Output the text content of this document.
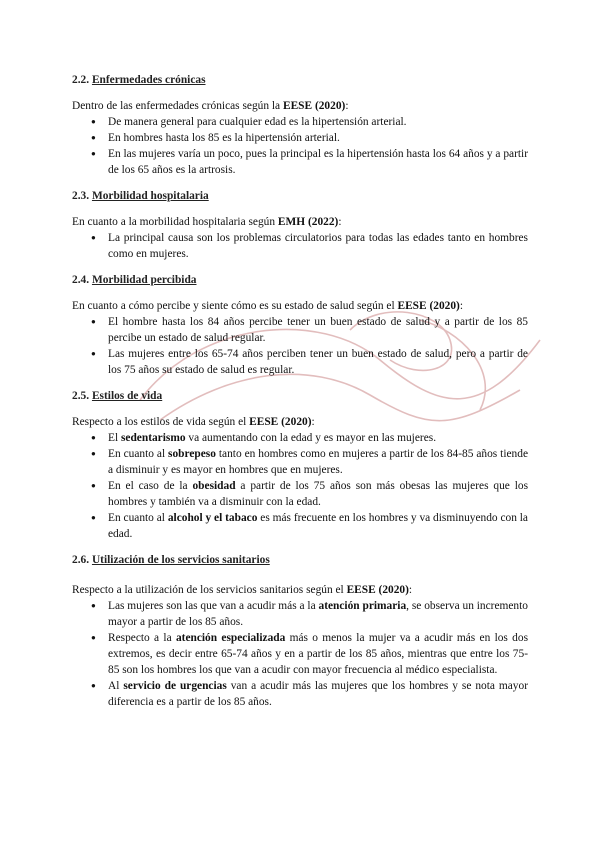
2.2. Enfermedades crónicas

Dentro de las enfermedades crónicas según la EESE (2020):

● De manera general para cualquier edad es la hipertensión arterial.
● En hombres hasta los 85 es la hipertensión arterial.
● En las mujeres varía un poco, pues la principal es la hipertensión hasta los 64 años y a partir de los 65 años es la artrosis.
2.3. Morbilidad hospitalaria

En cuanto a la morbilidad hospitalaria según EMH (2022):

● La principal causa son los problemas circulatorios para todas las edades tanto en hombres como en mujeres.
2.4. Morbilidad percibida

En cuanto a cómo percibe y siente cómo es su estado de salud según el EESE (2020):

● El hombre hasta los 84 años percibe tener un buen estado de salud y a partir de los 85 percibe un estado de salud regular.
● Las mujeres entre los 65-74 años perciben tener un buen estado de salud, pero a partir de los 75 años su estado de salud es regular.
2.5. Estilos de vida

Respecto a los estilos de vida según el EESE (2020):

● El sedentarismo va aumentando con la edad y es mayor en las mujeres.
● En cuanto al sobrepeso tanto en hombres como en mujeres a partir de los 84-85 años tiende a disminuir y es mayor en hombres que en mujeres.
● En el caso de la obesidad a partir de los 75 años son más obesas las mujeres que los hombres y también va a disminuir con la edad.
● En cuanto al alcohol y el tabaco es más frecuente en los hombres y va disminuyendo con la edad.
2.6. Utilización de los servicios sanitarios

Respecto a la utilización de los servicios sanitarios según el EESE (2020):

● Las mujeres son las que van a acudir más a la atención primaria, se observa un incremento mayor a partir de los 85 años.
● Respecto a la atención especializada más o menos la mujer va a acudir más en los dos extremos, es decir entre 65-74 años y en a partir de los 85 años, mientras que entre los 75-85 son los hombres los que van a acudir con mayor frecuencia al médico especialista.
● Al servicio de urgencias van a acudir más las mujeres que los hombres y se nota mayor diferencia es a partir de los 85 años.
